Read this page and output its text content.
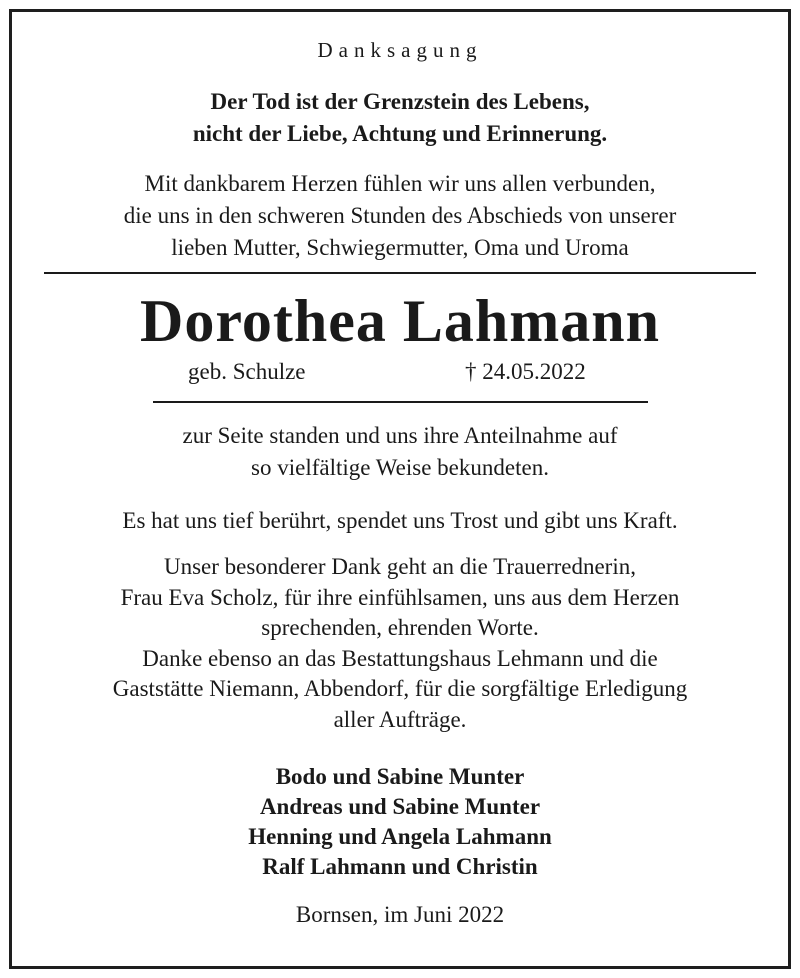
Danksagung
Der Tod ist der Grenzstein des Lebens,
nicht der Liebe, Achtung und Erinnerung.
Mit dankbarem Herzen fühlen wir uns allen verbunden,
die uns in den schweren Stunden des Abschieds von unserer
lieben Mutter, Schwiegermutter, Oma und Uroma
Dorothea Lahmann
geb. Schulze	† 24.05.2022
zur Seite standen und uns ihre Anteilnahme auf
so vielfältige Weise bekundeten.
Es hat uns tief berührt, spendet uns Trost und gibt uns Kraft.
Unser besonderer Dank geht an die Trauerrednerin,
Frau Eva Scholz, für ihre einfühlsamen, uns aus dem Herzen
sprechenden, ehrenden Worte.
Danke ebenso an das Bestattungshaus Lehmann und die
Gaststätte Niemann, Abbendorf, für die sorgfältige Erledigung
aller Aufträge.
Bodo und Sabine Munter
Andreas und Sabine Munter
Henning und Angela Lahmann
Ralf Lahmann und Christin
Bornsen, im Juni 2022
